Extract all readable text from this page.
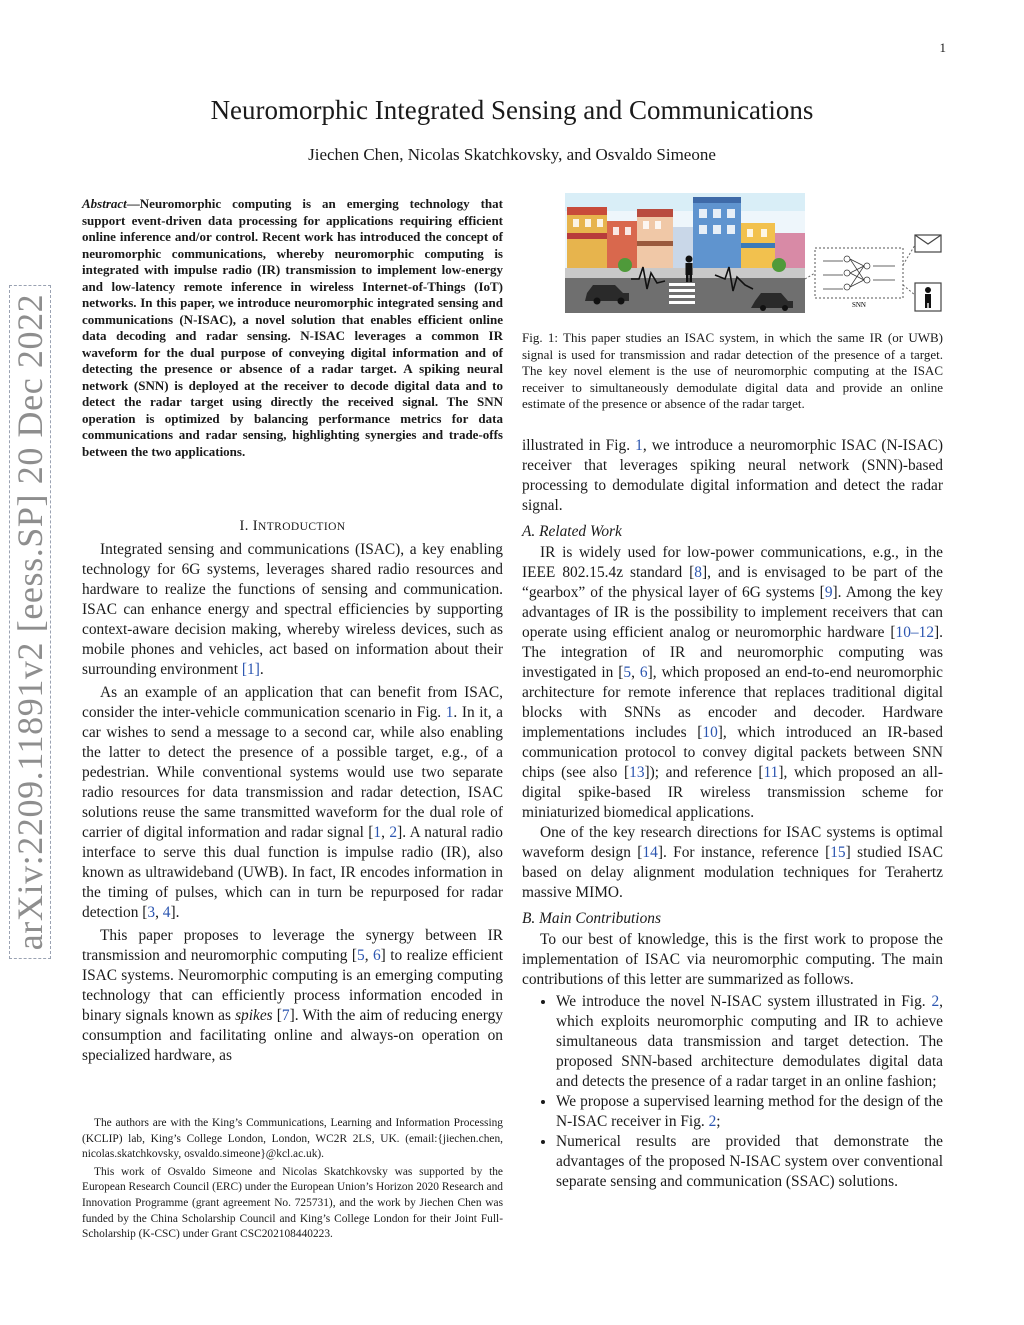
1
Neuromorphic Integrated Sensing and Communications
Jiechen Chen, Nicolas Skatchkovsky, and Osvaldo Simeone
arXiv:2209.11891v2 [eess.SP] 20 Dec 2022
Abstract—Neuromorphic computing is an emerging technology that support event-driven data processing for applications requiring efficient online inference and/or control. Recent work has introduced the concept of neuromorphic communications, whereby neuromorphic computing is integrated with impulse radio (IR) transmission to implement low-energy and low-latency remote inference in wireless Internet-of-Things (IoT) networks. In this paper, we introduce neuromorphic integrated sensing and communications (N-ISAC), a novel solution that enables efficient online data decoding and radar sensing. N-ISAC leverages a common IR waveform for the dual purpose of conveying digital information and of detecting the presence or absence of a radar target. A spiking neural network (SNN) is deployed at the receiver to decode digital data and to detect the radar target using directly the received signal. The SNN operation is optimized by balancing performance metrics for data communications and radar sensing, highlighting synergies and trade-offs between the two applications.

I. INTRODUCTION

Integrated sensing and communications (ISAC), a key enabling technology for 6G systems, leverages shared radio resources and hardware to realize the functions of sensing and communication. ISAC can enhance energy and spectral efficiencies by supporting context-aware decision making, whereby wireless devices, such as mobile phones and vehicles, act based on information about their surrounding environment [1].

As an example of an application that can benefit from ISAC, consider the inter-vehicle communication scenario in Fig. 1. In it, a car wishes to send a message to a second car, while also enabling the latter to detect the presence of a possible target, e.g., of a pedestrian. While conventional systems would use two separate radio resources for data transmission and radar detection, ISAC solutions reuse the same transmitted waveform for the dual role of carrier of digital information and radar signal [1, 2]. A natural radio interface to serve this dual function is impulse radio (IR), also known as ultrawideband (UWB). In fact, IR encodes information in the timing of pulses, which can in turn be repurposed for radar detection [3, 4].

This paper proposes to leverage the synergy between IR transmission and neuromorphic computing [5, 6] to realize efficient ISAC systems. Neuromorphic computing is an emerging computing technology that can efficiently process information encoded in binary signals known as spikes [7]. With the aim of reducing energy consumption and facilitating online and always-on operation on specialized hardware, as

The authors are with the King’s Communications, Learning and Information Processing (KCLIP) lab, King’s College London, London, WC2R 2LS, UK. (email:{jiechen.chen, nicolas.skatchkovsky, osvaldo.simeone}@kcl.ac.uk).

This work of Osvaldo Simeone and Nicolas Skatchkovsky was supported by the European Research Council (ERC) under the European Union’s Horizon 2020 Research and Innovation Programme (grant agreement No. 725731), and the work by Jiechen Chen was funded by the China Scholarship Council and King’s College London for their Joint Full-Scholarship (K-CSC) under Grant CSC202108440223.

SNN
Fig. 1: This paper studies an ISAC system, in which the same IR (or UWB) signal is used for transmission and radar detection of the presence of a target. The key novel element is the use of neuromorphic computing at the ISAC receiver to simultaneously demodulate digital data and provide an online estimate of the presence or absence of the radar target.

illustrated in Fig. 1, we introduce a neuromorphic ISAC (N-ISAC) receiver that leverages spiking neural network (SNN)-based processing to demodulate digital information and detect the radar signal.

A. Related Work

IR is widely used for low-power communications, e.g., in the IEEE 802.15.4z standard [8], and is envisaged to be part of the “gearbox” of the physical layer of 6G systems [9]. Among the key advantages of IR is the possibility to implement receivers that can operate using efficient analog or neuromorphic hardware [10–12]. The integration of IR and neuromorphic computing was investigated in [5, 6], which proposed an end-to-end neuromorphic architecture for remote inference that replaces traditional digital blocks with SNNs as encoder and decoder. Hardware implementations includes [10], which introduced an IR-based communication protocol to convey digital packets between SNN chips (see also [13]); and reference [11], which proposed an all-digital spike-based IR wireless transmission scheme for miniaturized biomedical applications.

One of the key research directions for ISAC systems is optimal waveform design [14]. For instance, reference [15] studied ISAC based on delay alignment modulation techniques for Terahertz massive MIMO.

B. Main Contributions

To our best of knowledge, this is the first work to propose the implementation of ISAC via neuromorphic computing. The main contributions of this letter are summarized as follows.

• We introduce the novel N-ISAC system illustrated in Fig. 2, which exploits neuromorphic computing and IR to achieve simultaneous data transmission and target detection. The proposed SNN-based architecture demodulates digital data and detects the presence of a radar target in an online fashion;
• We propose a supervised learning method for the design of the N-ISAC receiver in Fig. 2;
• Numerical results are provided that demonstrate the advantages of the proposed N-ISAC system over conventional separate sensing and communication (SSAC) solutions.
